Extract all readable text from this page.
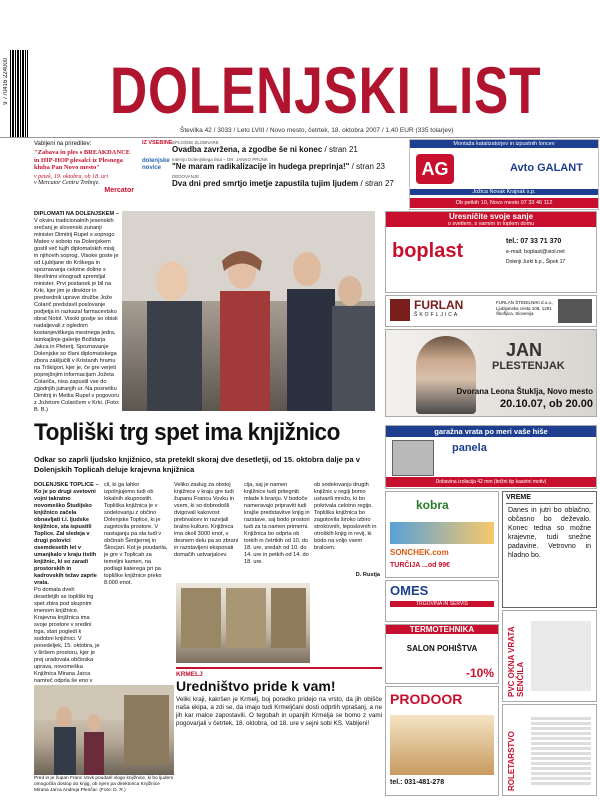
9 770416 224000 DOLENJSKI LIST
Številka 42 / 3033 / Leto LVIII / Novo mesto, četrtek, 18. oktobra 2007 / 1,40 EUR (335 tolarjev)
Vabljeni na prireditev:
"Zabava in ples s BREAKDANCE in HIP-HOP plesalci iz Plesnega kluba Pan Novo mesto"
v petek, 19. oktobra, ob 18. uri
v Mercator Centru Trebnje.
Mercator
IZ VSEBINE
dolenjske novice
SPLOŠNE ZLOBNARE
Ovadba zavržena, a zgodbe še ni konec / stran 21
Intervju Dolenjskega lista – DR. JANKO PRUNK
"Ne maram radikalizacije in hudega preprinja!" / stran 23
DEDOVANJE
Dva dni pred smrtjo imetje zapustila tujim ljudem / stran 27
Montaža katalizatorjev in izpustnih loncev
AG	Avto GALANT
Jožica Novak Krajnak s.p.
Ob petkih 10, Novo mesto 07 33 46 112
DIPLOMATI NA DOLENJSKEM –
V okviru tradicionalnih jesenskih srečanj je slovenski zunanji minister Dimitrij Rupel s soprogo Mateo v soboto na Dolenjskem gostil več tujih diplomatskih misij in njihovih soprog. Visoke goste je od Ljubljane do Krškega in spoznavanja celotne doline s številnimi vinogradi spremljal minister. Prvi postanek je bil na Krki, kjer jim je direktor in predsednik uprave družbe Jože Colarič predstavil poslovanje podjetja in razkazal farmacevtsko obrat Notol. Visoki gostje so obisk nadaljevali z ogledom kostanjeviškega mestnega jedra, tamkajšnje galerije Božidarja Jakca in Pleterij. Spoznavanje Dolenjske so člani diplomatskega zbora zaključili v Kristanih hramu na Trškigori, kjer je, če gre verjeti poprejšnjim informacijam Jožeta Colariča, nisa zapustil vse do zgodnjih jutranjih ur. Na posnetku Dimitrij in Metka Rupel v pogovoru z Jožetom Colaričem v Krki. (Foto: B. B.)
Uresničite svoje sanje
o svetlem, s varnim in toplem domu
boplast	tel.: 07 33 71 370
e-mail: boplast@siol.net
Dolenji Jurki b.p., Šipek 17
FURLAN
ŠKOFLJICA
FURLAN ŠTEDILNIKI d.o.o., Ljubljanska cesta 108, 1291 Škofljica, Slovenija
JAN
PLESTENJAK
Dvorana Leona Štuklja, Novo mesto
20.10.07, ob 20.00
Topliški trg spet ima knjižnico
Odkar so zaprli ljudsko knjižnico, sta preteklI skoraj dve desetletji, od 15. oktobra dalje pa v Dolenjskih Toplicah deluje krajevna knjižnica
DOLENJSKE TOPLICE – Ko je po drugi svetovni vojni takratno novomeško Študijsko knjižnico začela obnavljati t.i. ljudske knjižnice, sta ispustili Toplice. Zal sledeja v drugi polovici osemdesetih let v umanjkalo v kraju tistih knjižnic, ki so zaradi prostorskih in kadrovskih težav zaprle vrata.
Po domala dveh desetletjih se topliški trg spet zbira pod skupnim imenom knjižnice. Krajevna knjižnica ima svoje prostore v sredini trga, stari pogledi k sodobni knjižnici. V ponedeljek, 15. oktobra, je v širšem prostoru, kjer je prej uradovala občinska uprava, novomeška Knjižnica Mirana Jarca namreč odprla še eno v
cil, ki ga lahko izpolnjujemo tudi ob lokalnih skupnostih. Topliška knjižnica je v sodelovanju z občino Dolenjske Toplice, ki je zagotovila prostore. V nastajanju pa sta tudi v občinah Šentjernej in Škocjan. Kot je poudarila, je gre v Toplicah za temeljni kamen, na podlagi katerega pri pa topliške knjižnice preko 8.000 enot.
Veliko zaslug za obstoj knjižnice v kraju gre tudi županu Francu Vovku in vsem, ki so dobrodošli dvigovali kakovost prebivalcev in razvijali bralno kulturo. Knjižnica ima okoli 3000 enot, v desnem delu pa so zbrani in razstavljeni eksponati domačih ustvarjalcev.
cija, saj je namen knjižnice tudi pritegniti mlade k branju. V bodoče nameravajo pripraviti tudi krajše predstavitve knjig in razstave, saj bodo prostori tudi za ta namen primerni. Knjižnica bo odprta ob torkih in četrtkih od 10. do 18. ure, sredah od 10. do 14. ure in petkih od 14. do 18. ure.
ob sodelovanju drugih knjižnic v regiji bomo ustvarili mrežo, ki bo pokrivala celotno regijo. Topliška knjižnica bo zagotovila široko izbiro strokovnih, leposlovnih in otroških knjig in revij, ki bodo na voljo vsem bralcem.
D. Rustja
Pred in je župan Franc Vovk poudaril vlogo knjižnice, ki bo ljudem omogočila dostop do knjig, ob njem pa direktorica Knjižnice Mirana Jarca Andreja Plenčar. (Foto: D. R.)
garažna vrata po meri vaše hiše
panela
Dobavina izolacija 42 mm (brižni tip kasetni motiv)
kobra
SONCHEK.com
TURČIJA ...od 99€
VREME
Danes in jutri bo oblačno, občasno bo deževalo. Konec tedna so možne krajevne, tudi snežne padavine. Vetrovno in hladno bo.
KRMELJ
Uredništvo pride k vam!
Veliki kraji, kakršen je Krmelj, boj poredko pridejo na vrsto, da jih obišče naša ekipa, a zdi se, da imajo tudi Krmeljčani dosti odprtih vprašanj, a ne jih kar malce zapostavili. O tegobah in upanjih Krmelja se bomo z vami pogovarjali v četrtek, 18. oktobra, od 18. ure v sejni sobi KS. Vabljeni!
OMES
TRGOVINA IN SERVIS
TERMOTEHNIKA
SALON POHIŠTVA
-10% PVC OKNA VRATA SENČILA
PRODOOR
tel.: 031-481-278	ROLETARSTVO
